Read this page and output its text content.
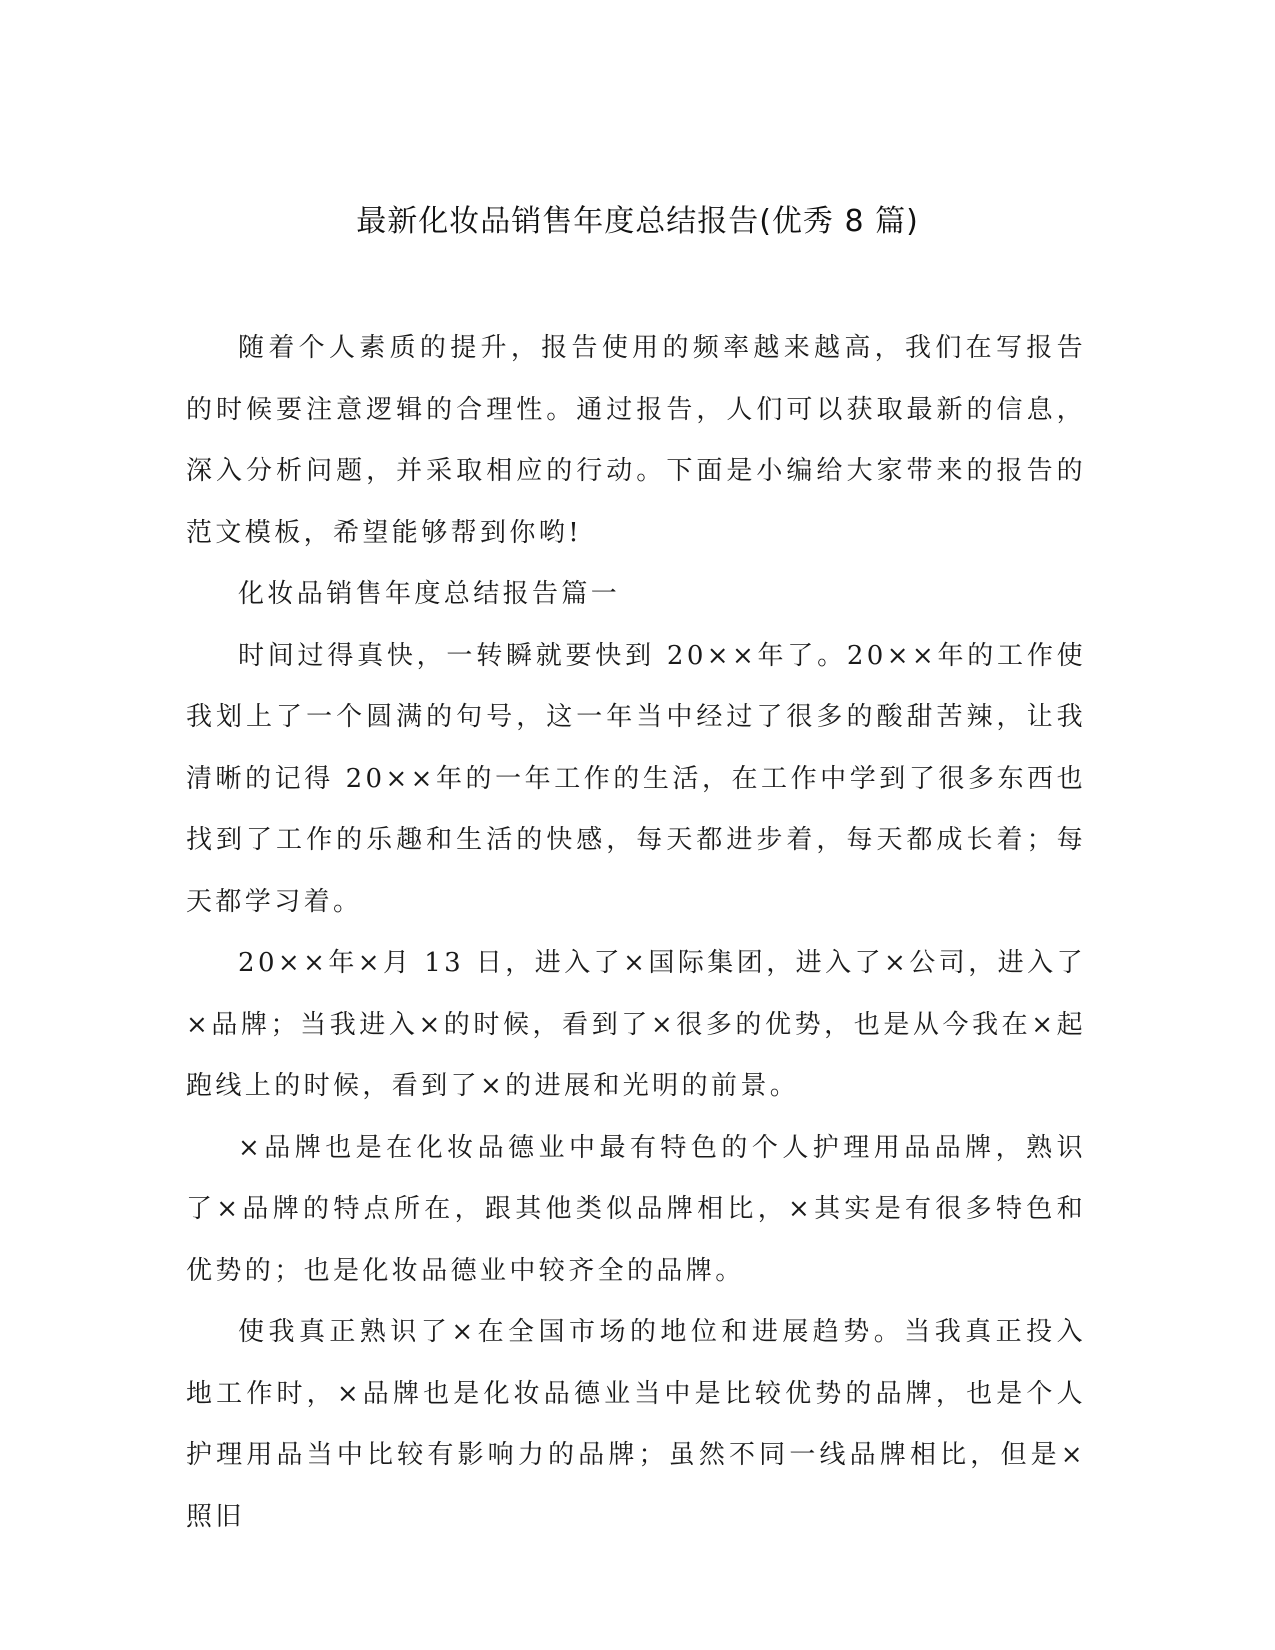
最新化妆品销售年度总结报告(优秀 8 篇)

随着个人素质的提升，报告使用的频率越来越高，我们在写报告的时候要注意逻辑的合理性。通过报告，人们可以获取最新的信息，深入分析问题，并采取相应的行动。下面是小编给大家带来的报告的范文模板，希望能够帮到你哟!

化妆品销售年度总结报告篇一

时间过得真快，一转瞬就要快到 20××年了。20××年的工作使我划上了一个圆满的句号，这一年当中经过了很多的酸甜苦辣，让我清晰的记得 20××年的一年工作的生活，在工作中学到了很多东西也找到了工作的乐趣和生活的快感，每天都进步着，每天都成长着；每天都学习着。

20××年×月 13 日，进入了×国际集团，进入了×公司，进入了×品牌；当我进入×的时候，看到了×很多的优势，也是从今我在×起跑线上的时候，看到了×的进展和光明的前景。

×品牌也是在化妆品德业中最有特色的个人护理用品品牌，熟识了×品牌的特点所在，跟其他类似品牌相比，×其实是有很多特色和优势的；也是化妆品德业中较齐全的品牌。

使我真正熟识了×在全国市场的地位和进展趋势。当我真正投入地工作时，×品牌也是化妆品德业当中是比较优势的品牌，也是个人护理用品当中比较有影响力的品牌；虽然不同一线品牌相比，但是×照旧
